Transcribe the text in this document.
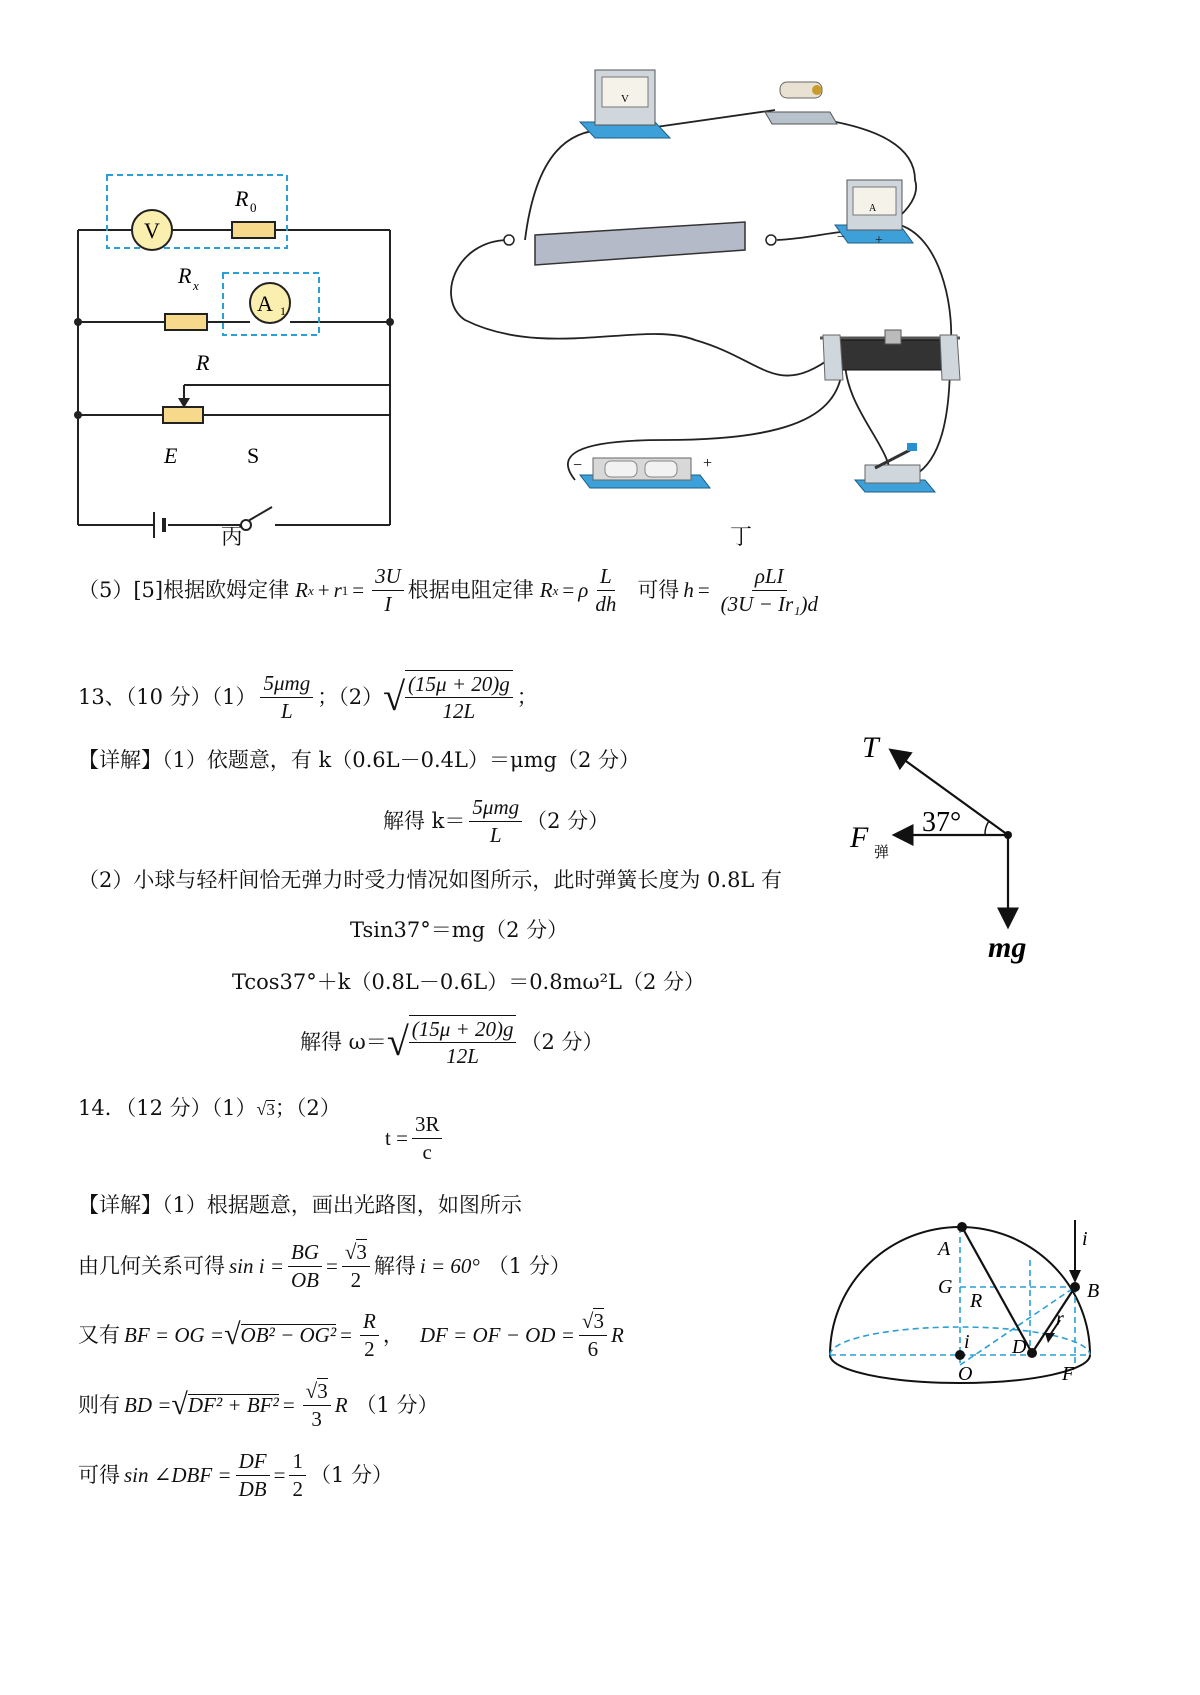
V
R 0
R x
A 1
R
E	S
丙
V
A
− +
−	+
丁
（5）[5]根据欧姆定律 R x + r $1 = \frac{3U}{I}$ 根据电阻定律 R x = ρ $\frac{L}{dh}$ 可得 $h = \frac{\text{ρLI}}{\text{(3U − Ir₁)d}}$
13、（10 分）$(1) \frac{\text{5μmg}}{L}$ ；（2） √ $\frac{(15\mu + 20)g}{12L}$ ；
【详解】（1）依题意，有 k（0.6L－0.4L）＝μmg（2 分）
解得 $k= \frac{\text{5μmg}}{L} (2$ 分）
（2）小球与轻杆间恰无弹力时受力情况如图所示，此时弹簧长度为 0.8L 有
Tsin37°＝mg（2 分）
Tcos37°＋k（0.8L－0.6L）＝0.8mω²L（2 分）
解得 ω＝ √ $\frac{(15\mu + 20)g}{12L} (2$ 分）
T
F 弹
37°
mg
14．（12 分）（1） √ 3 ；（2）
$t = \frac{3R}{c}$
【详解】（1）根据题意，画出光路图，如图所示
由几何关系可得 $\sin i = \frac{BG}{OB} = \frac{√3}{2}$ 解得 i = 60° （1 分）
又有 BF = OG = √ $OB^2 - OG^2 = \frac{R}{2}$ ， DF = OF − OD = $\frac{√3}{6}$ R
则有 BD = √ $DF^2 + BF^2 = \frac{√3}{3}$ R （1 分）
可得 sin ∠DBF = $\frac{DF}{DB} = \frac{1}{2} (1$ 分）
A
G
R	B
i
r
D
i
O	F
